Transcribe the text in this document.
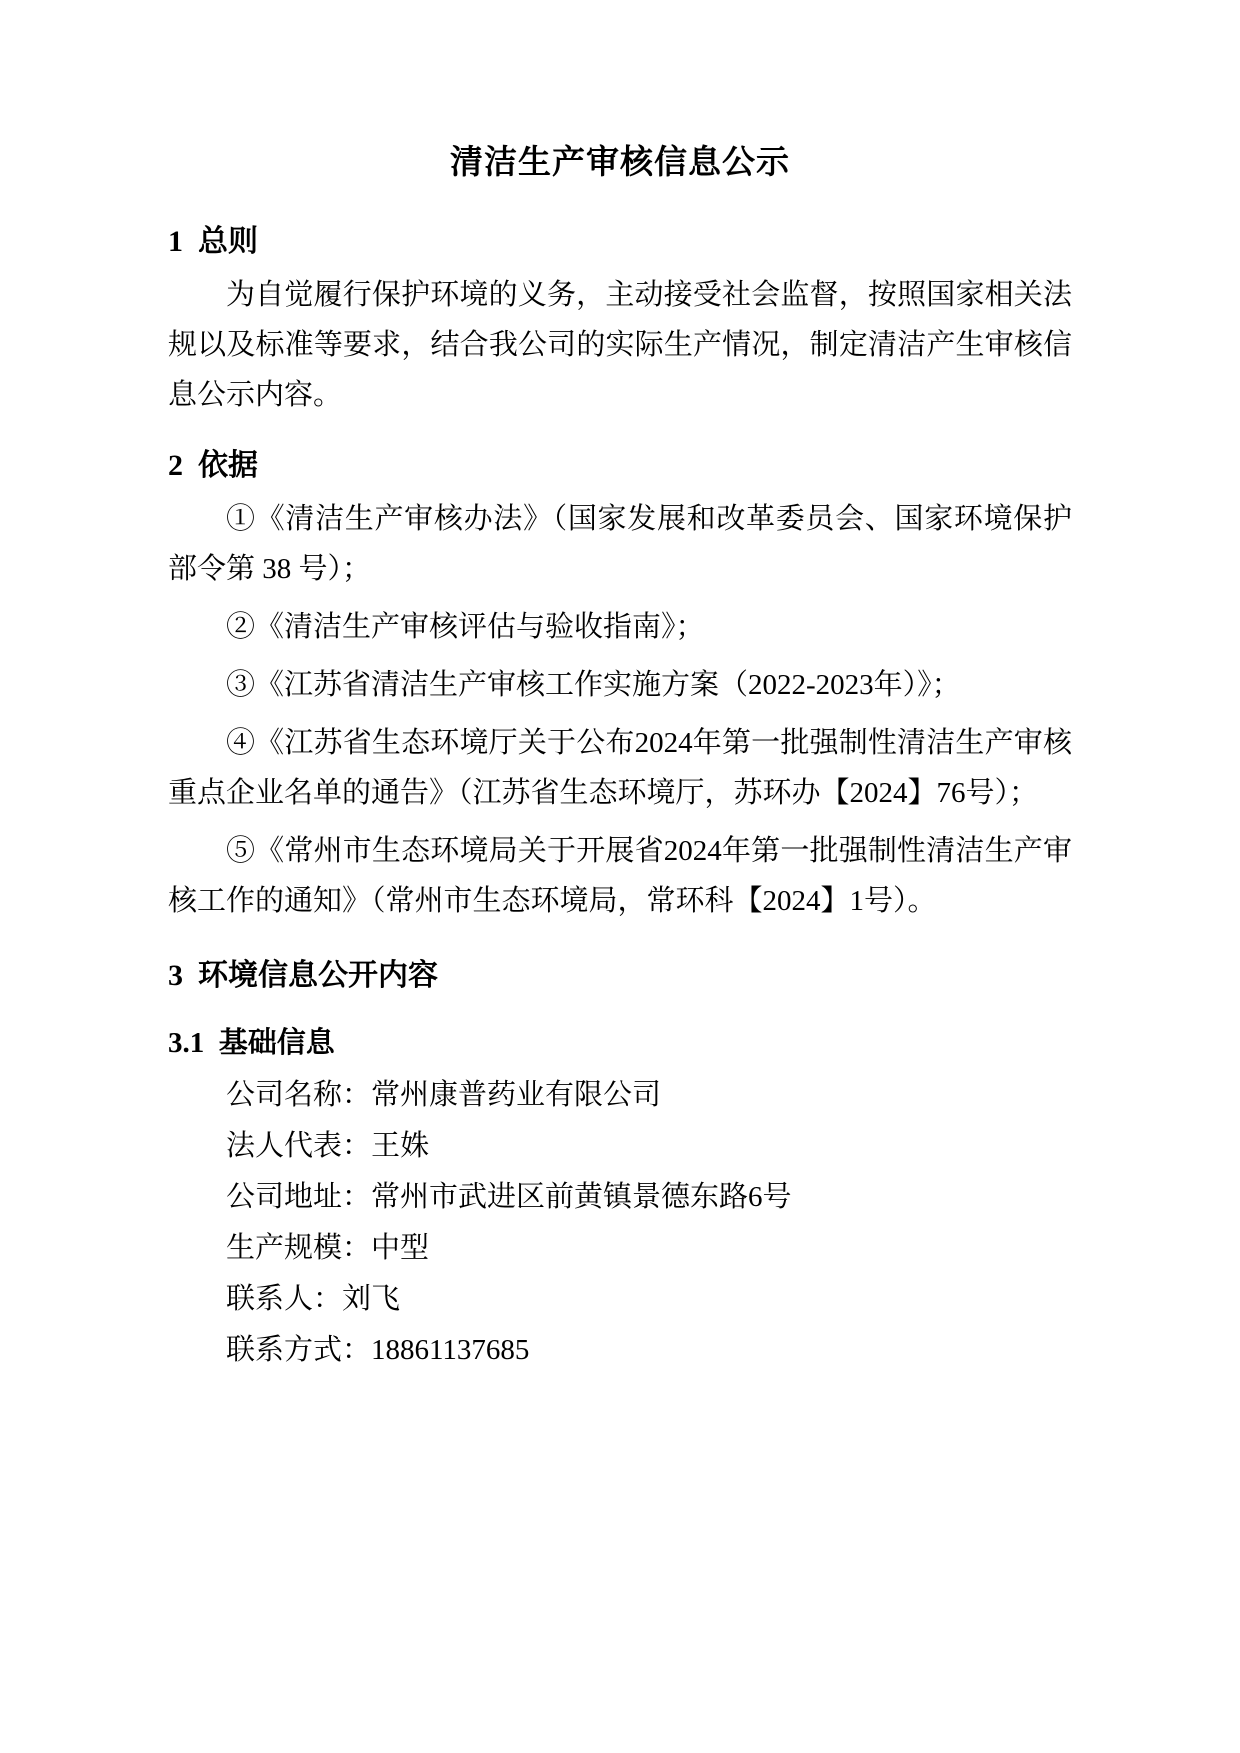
清洁生产审核信息公示
1  总则

为自觉履行保护环境的义务，主动接受社会监督，按照国家相关法规以及标准等要求，结合我公司的实际生产情况，制定清洁产生审核信息公示内容。

2  依据

①《清洁生产审核办法》（国家发展和改革委员会、国家环境保护部令第 38 号）；

②《清洁生产审核评估与验收指南》；

③《江苏省清洁生产审核工作实施方案（2022-2023年）》；

④《江苏省生态环境厅关于公布2024年第一批强制性清洁生产审核重点企业名单的通告》（江苏省生态环境厅，苏环办【2024】76号）；

⑤《常州市生态环境局关于开展省2024年第一批强制性清洁生产审核工作的通知》（常州市生态环境局，常环科【2024】1号）。

3  环境信息公开内容
3.1  基础信息

公司名称：常州康普药业有限公司

法人代表：王姝

公司地址：常州市武进区前黄镇景德东路6号

生产规模：中型

联系人：刘飞

联系方式：18861137685
